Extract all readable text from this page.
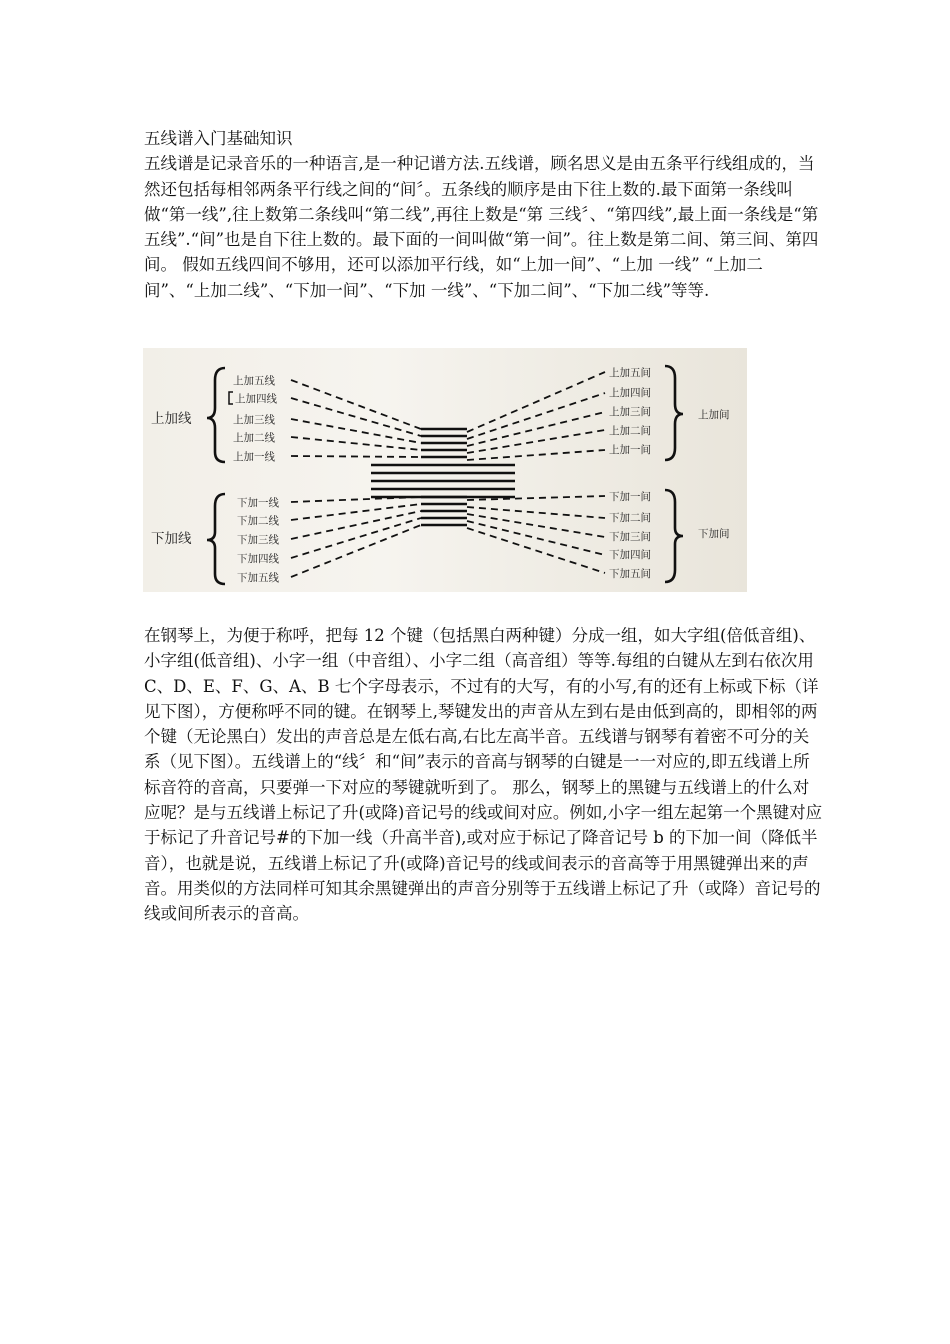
五线谱入门基础知识
五线谱是记录音乐的一种语言,是一种记谱方法.五线谱，顾名思义是由五条平行线组成的，当然还包括每相邻两条平行线之间的“间〞。五条线的顺序是由下往上数的.最下面第一条线叫做“第一线”,往上数第二条线叫“第二线”,再往上数是“第 三线〞、“第四线”,最上面一条线是“第五线”.“间”也是自下往上数的。最下面的一间叫做“第一间”。往上数是第二间、第三间、第四间。 假如五线四间不够用，还可以添加平行线，如“上加一间”、“上加 一线” “上加二间”、“上加二线”、“下加一间”、“下加 一线”、“下加二间”、“下加二线”等等.
上加线
下加线
上加间
下加间
上加五线
上加四线
上加三线
上加二线
上加一线
下加一线
下加二线
下加三线
下加四线
下加五线
上加五间
上加四间
上加三间
上加二间
上加一间
下加一间
下加二间
下加三间
下加四间
下加五间
在钢琴上，为便于称呼，把每 12 个键（包括黑白两种键）分成一组，如大字组(倍低音组)、小字组(低音组)、小字一组（中音组）、小字二组（高音组）等等.每组的白键从左到右依次用 C、D、E、F、G、A、B 七个字母表示，不过有的大写，有的小写,有的还有上标或下标（详见下图），方便称呼不同的键。在钢琴上,琴键发出的声音从左到右是由低到高的，即相邻的两个键（无论黑白）发出的声音总是左低右高,右比左高半音。五线谱与钢琴有着密不可分的关系（见下图）。五线谱上的“线〞和“间”表示的音高与钢琴的白键是一一对应的,即五线谱上所标音符的音高，只要弹一下对应的琴键就听到了。 那么，钢琴上的黑键与五线谱上的什么对应呢？是与五线谱上标记了升(或降)音记号的线或间对应。例如,小字一组左起第一个黑键对应于标记了升音记号#的下加一线（升高半音),或对应于标记了降音记号 b 的下加一间（降低半音），也就是说，五线谱上标记了升(或降)音记号的线或间表示的音高等于用黑键弹出来的声音。用类似的方法同样可知其余黑键弹出的声音分别等于五线谱上标记了升（或降）音记号的线或间所表示的音高。
